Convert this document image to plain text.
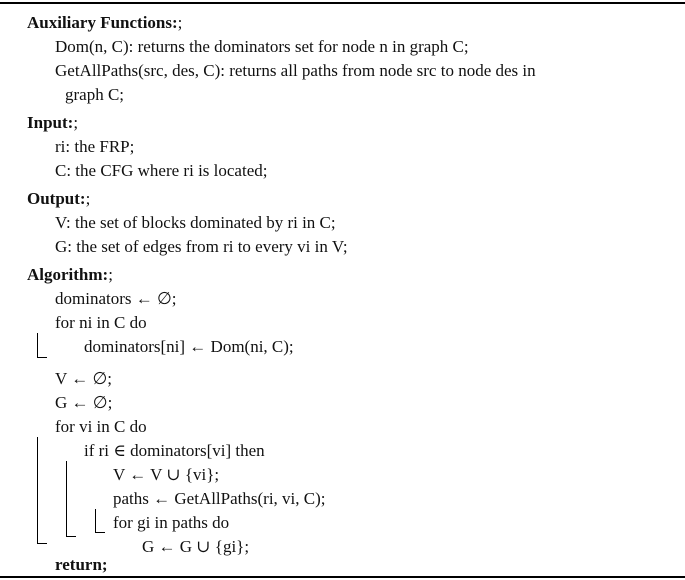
Auxiliary Functions:;
Dom(n, C): returns the dominators set for node n in graph C;
GetAllPaths(src, des, C): returns all paths from node src to node des in
graph C;
Input:;
ri: the FRP;
C: the CFG where ri is located;
Output:;
V: the set of blocks dominated by ri in C;
G: the set of edges from ri to every vi in V;
Algorithm:;
dominators ← ∅;
for ni in C do
dominators[ni] ← Dom(ni, C);
V ← ∅;
G ← ∅;
for vi in C do
if ri ∈ dominators[vi] then
V ← V ∪ {vi};
paths ← GetAllPaths(ri, vi, C);
for gi in paths do
G ← G ∪ {gi};
return;
